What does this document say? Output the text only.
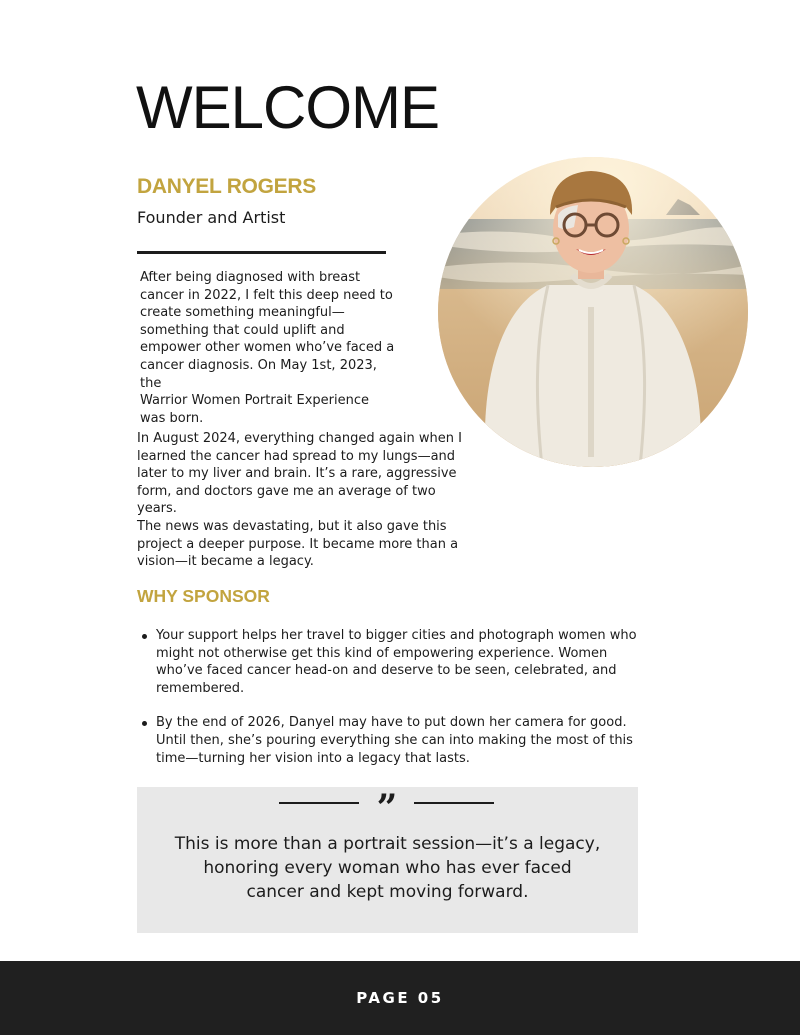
WELCOME
DANYEL ROGERS
Founder and Artist

After being diagnosed with breast
cancer in 2022, I felt this deep need to
create something meaningful—
something that could uplift and
empower other women who’ve faced a
cancer diagnosis. On May 1st, 2023, the
Warrior Women Portrait Experience
was born.

In August 2024, everything changed again when I
learned the cancer had spread to my lungs—and
later to my liver and brain. It’s a rare, aggressive
form, and doctors gave me an average of two years.
The news was devastating, but it also gave this
project a deeper purpose. It became more than a
vision—it became a legacy.

WHY SPONSOR
Your support helps her travel to bigger cities and photograph women who
might not otherwise get this kind of empowering experience. Women
who’ve faced cancer head-on and deserve to be seen, celebrated, and
remembered.
By the end of 2026, Danyel may have to put down her camera for good.
Until then, she’s pouring everything she can into making the most of this
time—turning her vision into a legacy that lasts.
”

This is more than a portrait session—it’s a legacy,
honoring every woman who has ever faced
cancer and kept moving forward.

PAGE 05
